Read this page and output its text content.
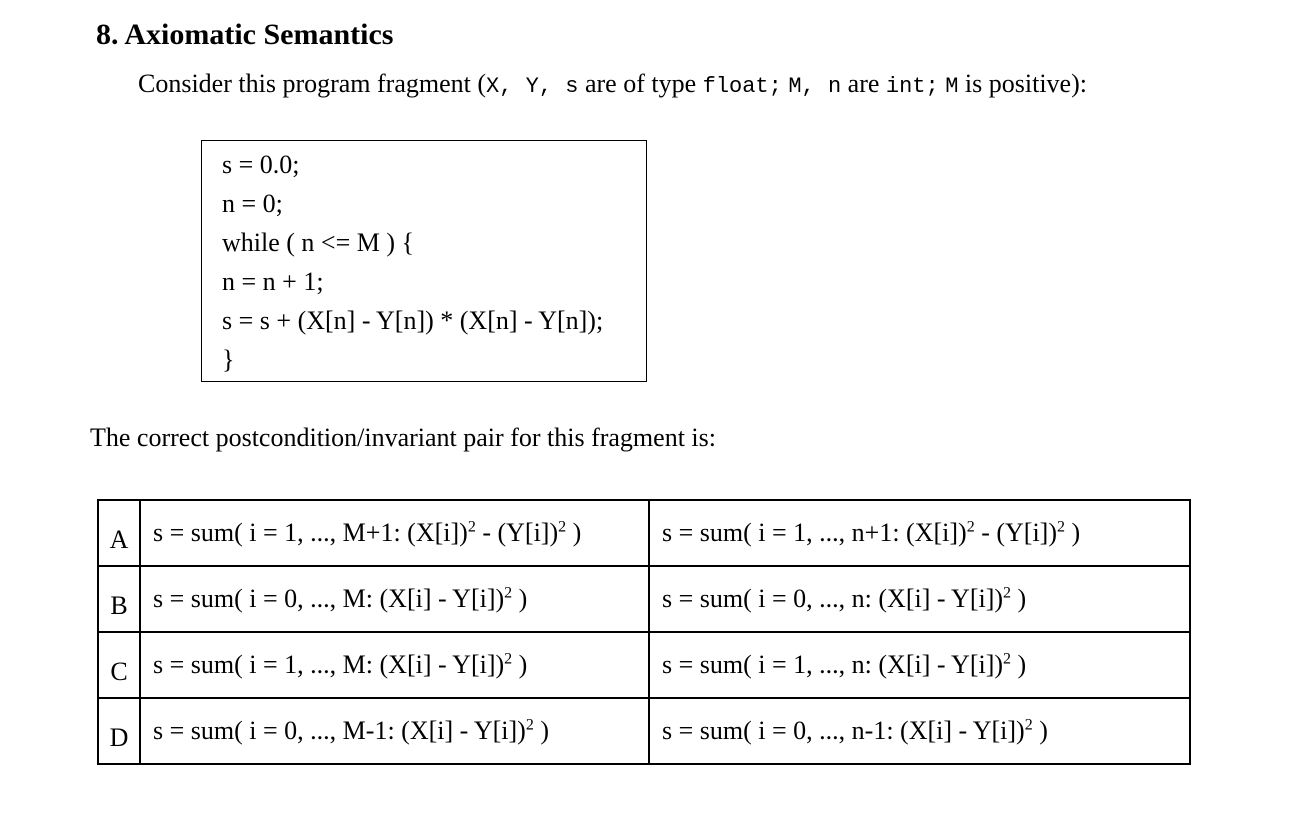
8. Axiomatic Semantics
Consider this program fragment (X, Y, s are of type float; M, n are int; M is positive):
s = 0.0;
n = 0;
while ( n <= M ) {
n = n + 1;
s = s + (X[n] - Y[n]) * (X[n] - Y[n]);
}
The correct postcondition/invariant pair for this fragment is:
A	s = sum( i = 1, ..., M+1: $(X[i])^2 - (Y[i])^2$ )	s = sum( i = 1, ..., n+1: $(X[i])^2 - (Y[i])^2$ )
B	s = sum( i = 0, ..., M: (X[i] - Y[i])$^2$ )	s = sum( i = 0, ..., n: (X[i] - Y[i])$^2$ )
C	s = sum( i = 1, ..., M: (X[i] - Y[i])$^2$ )	s = sum( i = 1, ..., n: (X[i] - Y[i])$^2$ )
D	s = sum( i = 0, ..., M-1: (X[i] - Y[i])$^2$ )	s = sum( i = 0, ..., n-1: (X[i] - Y[i])$^2$ )
